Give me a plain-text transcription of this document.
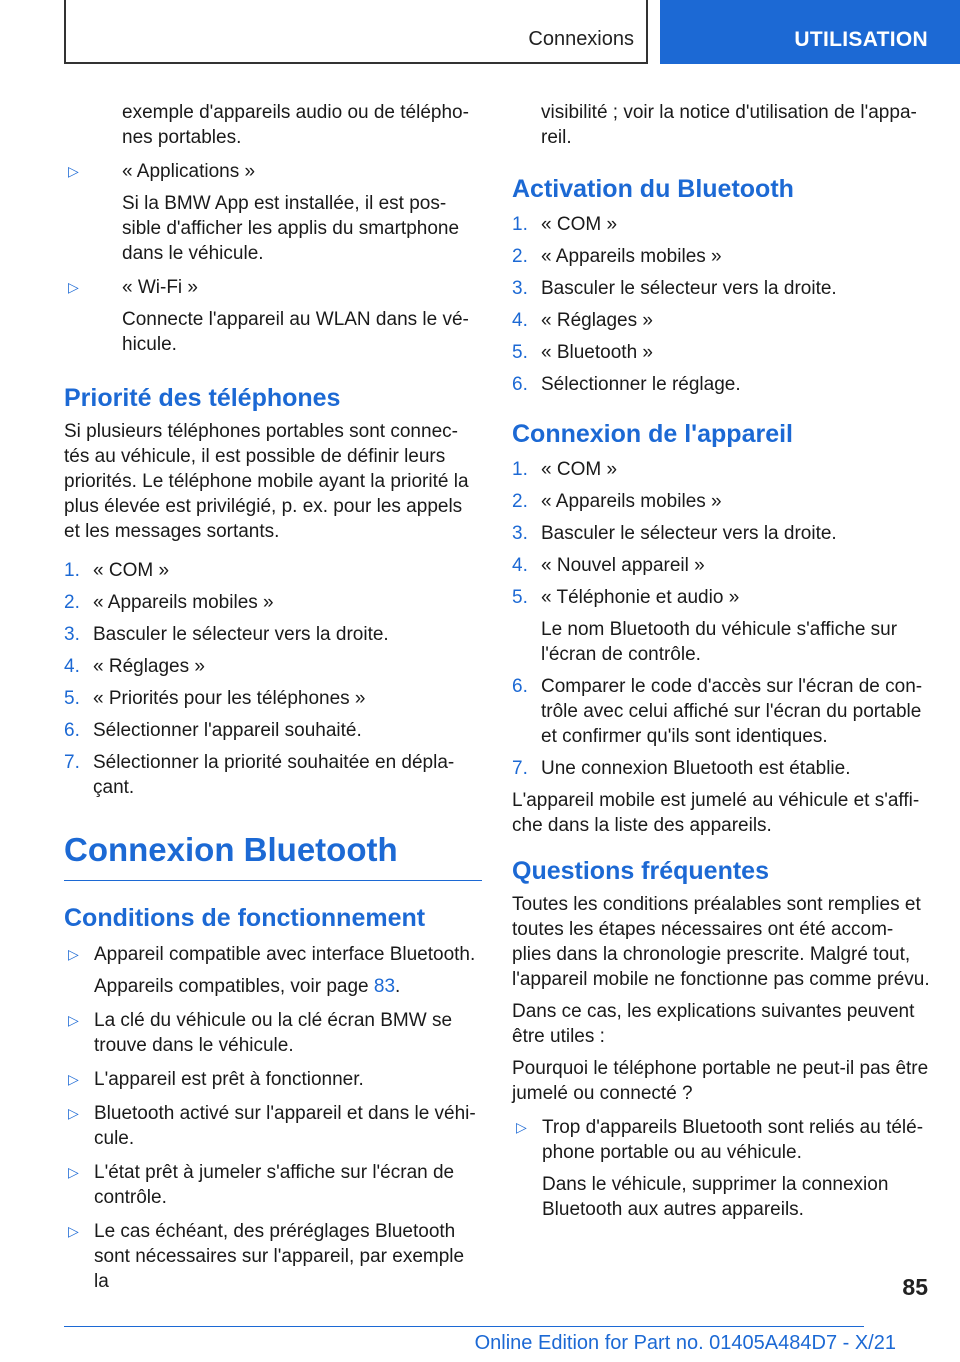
Connexions	UTILISATION
exemple d'appareils audio ou de télépho-nes portables.
▷ « Applications »
Si la BMW App est installée, il est pos-sible d'afficher les applis du smartphone dans le véhicule.
▷ « Wi-Fi »
Connecte l'appareil au WLAN dans le vé-hicule.
Priorité des téléphones
Si plusieurs téléphones portables sont connec-tés au véhicule, il est possible de définir leurs priorités. Le téléphone mobile ayant la priorité la plus élevée est privilégié, p. ex. pour les appels et les messages sortants.
1. « COM »
2. « Appareils mobiles »
3. Basculer le sélecteur vers la droite.
4. « Réglages »
5. « Priorités pour les téléphones »
6. Sélectionner l'appareil souhaité.
7. Sélectionner la priorité souhaitée en dépla-çant.
Connexion Bluetooth
Conditions de fonctionnement
▷ Appareil compatible avec interface Bluetooth.
Appareils compatibles, voir page 83.
▷ La clé du véhicule ou la clé écran BMW se trouve dans le véhicule.
▷ L'appareil est prêt à fonctionner.
▷ Bluetooth activé sur l'appareil et dans le véhi-cule.
▷ L'état prêt à jumeler s'affiche sur l'écran de contrôle.
▷ Le cas échéant, des préréglages Bluetooth sont nécessaires sur l'appareil, par exemple la
visibilité ; voir la notice d'utilisation de l'appa-reil.
Activation du Bluetooth
1. « COM »
2. « Appareils mobiles »
3. Basculer le sélecteur vers la droite.
4. « Réglages »
5. « Bluetooth »
6. Sélectionner le réglage.
Connexion de l'appareil
1. « COM »
2. « Appareils mobiles »
3. Basculer le sélecteur vers la droite.
4. « Nouvel appareil »
5. « Téléphonie et audio »
Le nom Bluetooth du véhicule s'affiche sur l'écran de contrôle.
6. Comparer le code d'accès sur l'écran de con-trôle avec celui affiché sur l'écran du portable et confirmer qu'ils sont identiques.
7. Une connexion Bluetooth est établie.
L'appareil mobile est jumelé au véhicule et s'affi-che dans la liste des appareils.
Questions fréquentes
Toutes les conditions préalables sont remplies et toutes les étapes nécessaires ont été accom-plies dans la chronologie prescrite. Malgré tout, l'appareil mobile ne fonctionne pas comme prévu.
Dans ce cas, les explications suivantes peuvent être utiles :
Pourquoi le téléphone portable ne peut-il pas être jumelé ou connecté ?
▷ Trop d'appareils Bluetooth sont reliés au télé-phone portable ou au véhicule.
Dans le véhicule, supprimer la connexion Bluetooth aux autres appareils.
85
Online Edition for Part no. 01405A484D7 - X/21
